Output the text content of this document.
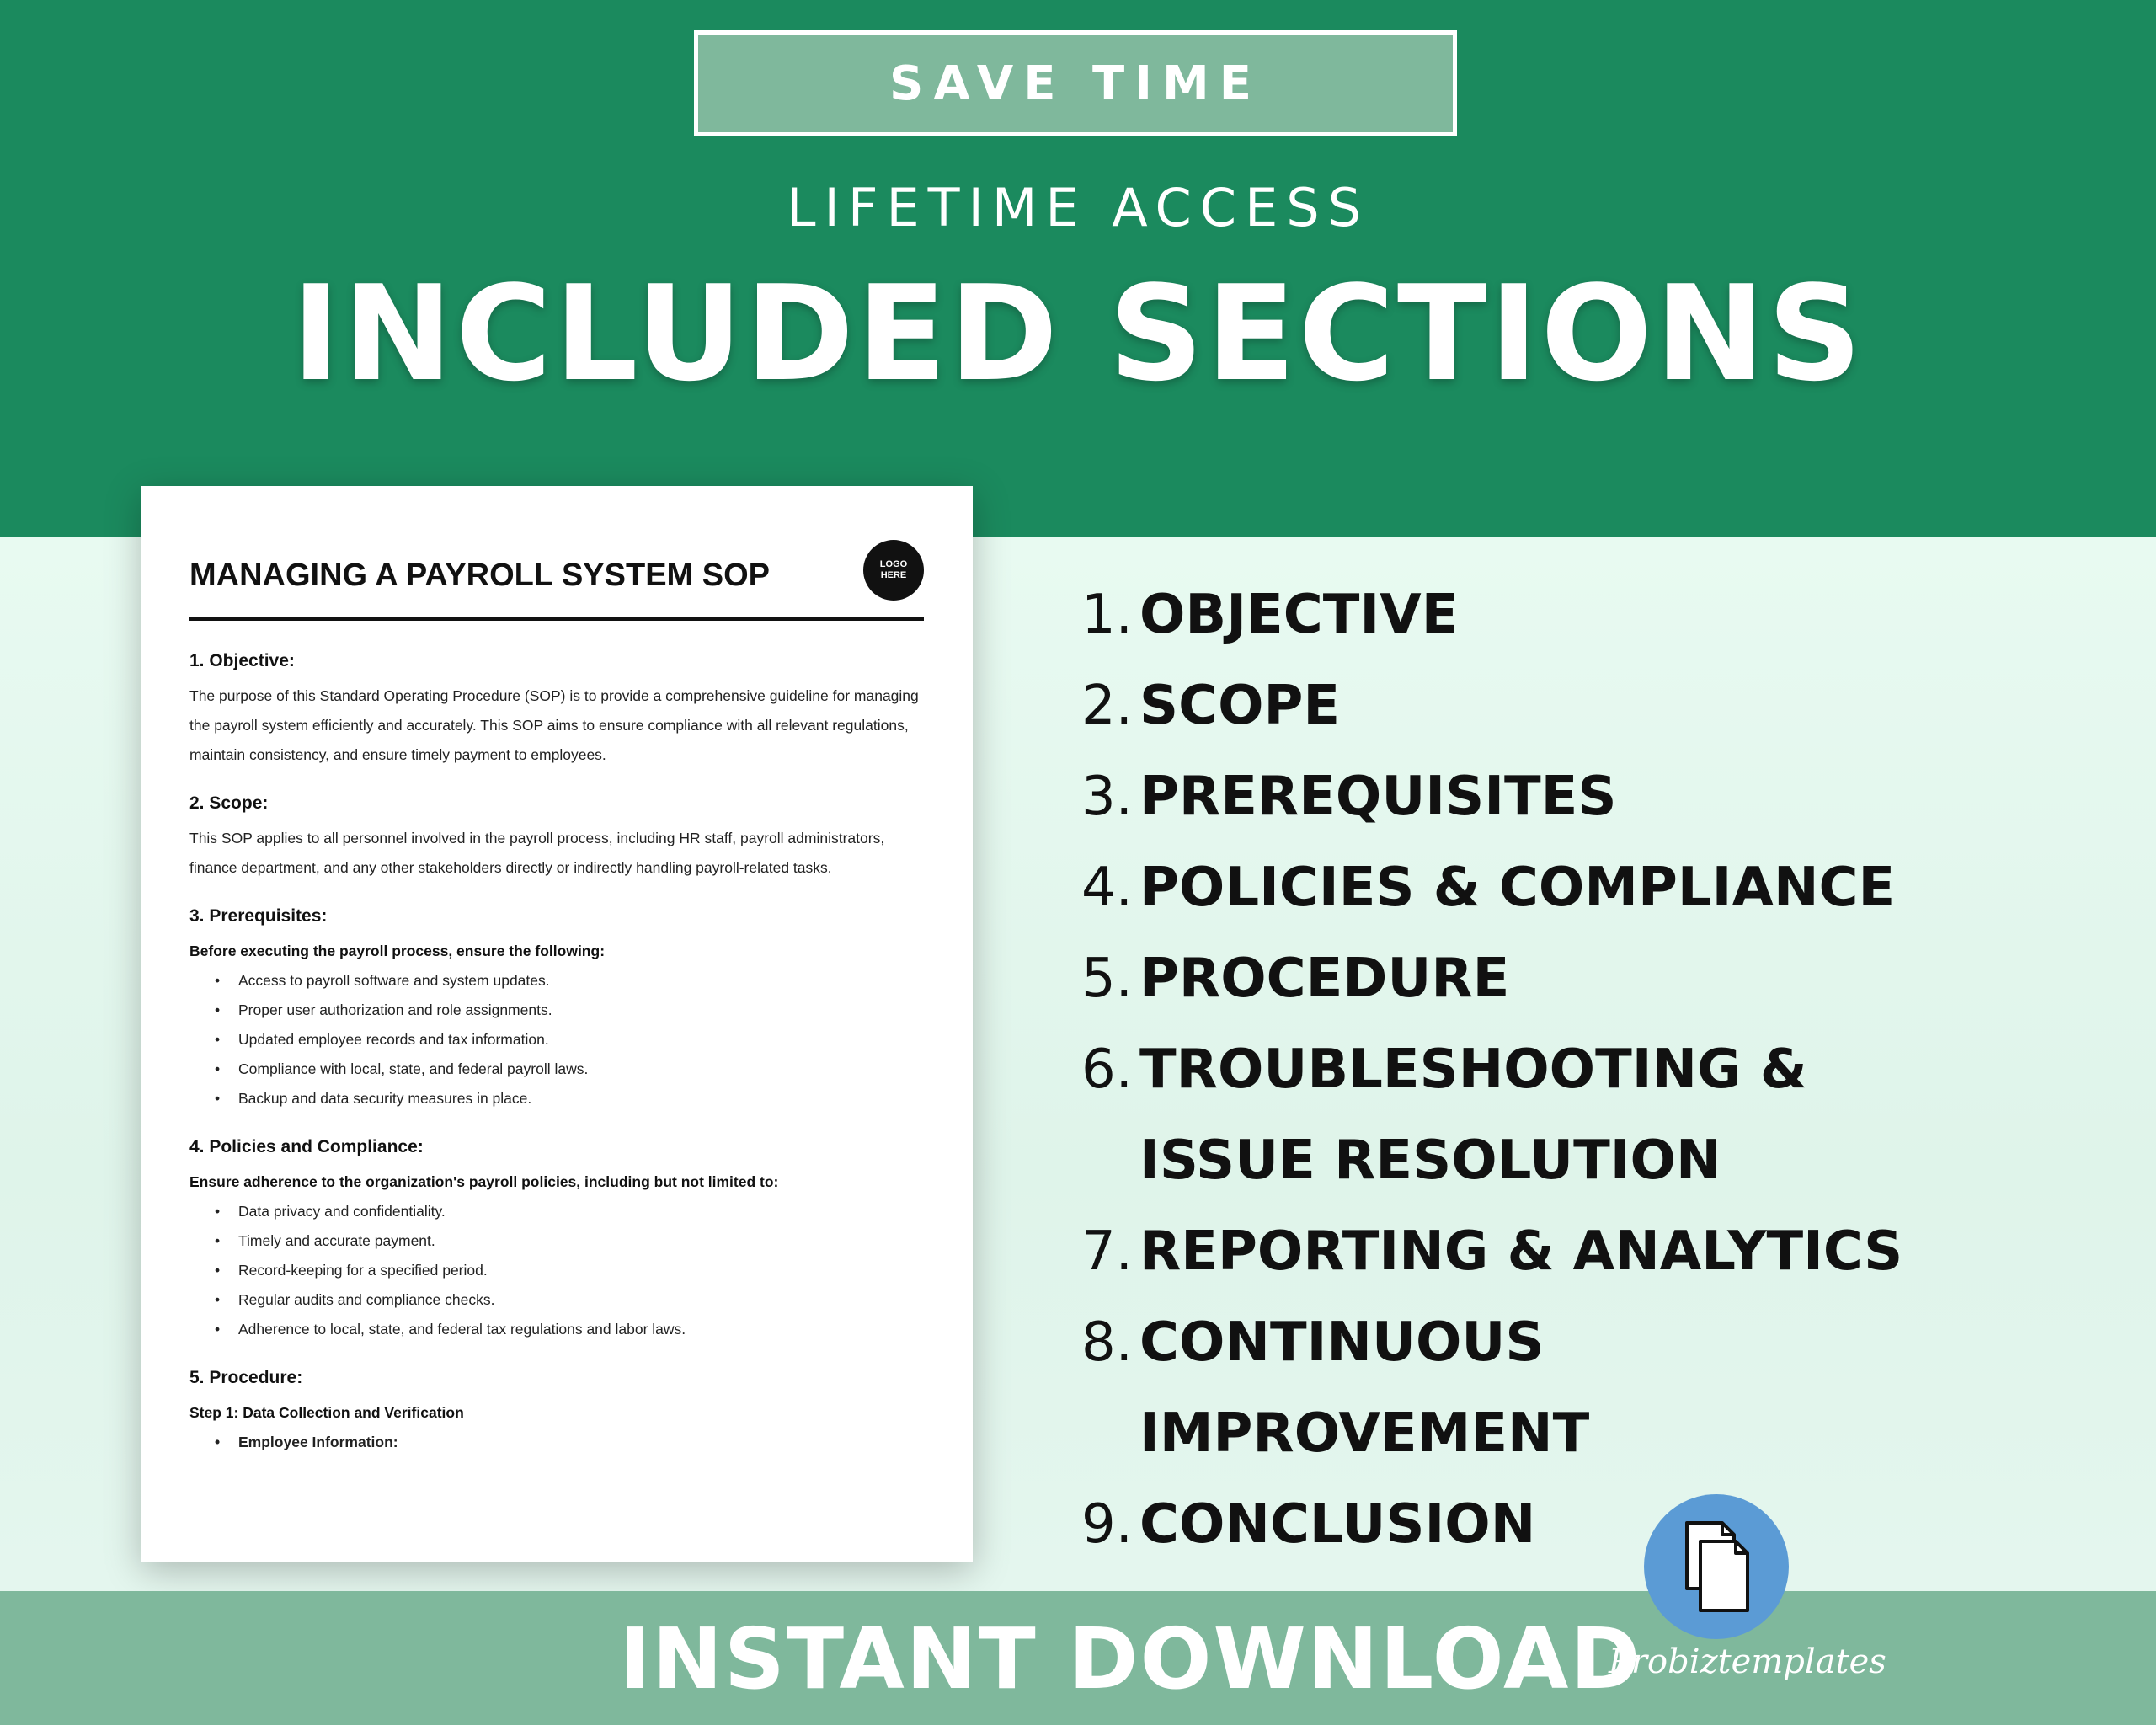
SAVE TIME
LIFETIME ACCESS
INCLUDED SECTIONS
MANAGING A PAYROLL SYSTEM SOP	LOGO
HERE
1. Objective:

The purpose of this Standard Operating Procedure (SOP) is to provide a comprehensive guideline for managing the payroll system efficiently and accurately. This SOP aims to ensure compliance with all relevant regulations, maintain consistency, and ensure timely payment to employees.

2. Scope:

This SOP applies to all personnel involved in the payroll process, including HR staff, payroll administrators, finance department, and any other stakeholders directly or indirectly handling payroll-related tasks.

3. Prerequisites:

Before executing the payroll process, ensure the following:

• Access to payroll software and system updates.
• Proper user authorization and role assignments.
• Updated employee records and tax information.
• Compliance with local, state, and federal payroll laws.
• Backup and data security measures in place.
4. Policies and Compliance:

Ensure adherence to the organization's payroll policies, including but not limited to:

• Data privacy and confidentiality.
• Timely and accurate payment.
• Record-keeping for a specified period.
• Regular audits and compliance checks.
• Adherence to local, state, and federal tax regulations and labor laws.
5. Procedure:

Step 1: Data Collection and Verification

• Employee Information:
1. OBJECTIVE
2. SCOPE
3. PREREQUISITES
4. POLICIES & COMPLIANCE
5. PROCEDURE
6. TROUBLESHOOTING & ISSUE RESOLUTION
7. REPORTING & ANALYTICS
8. CONTINUOUS IMPROVEMENT
9. CONCLUSION
INSTANT DOWNLOAD
Probiztemplates
